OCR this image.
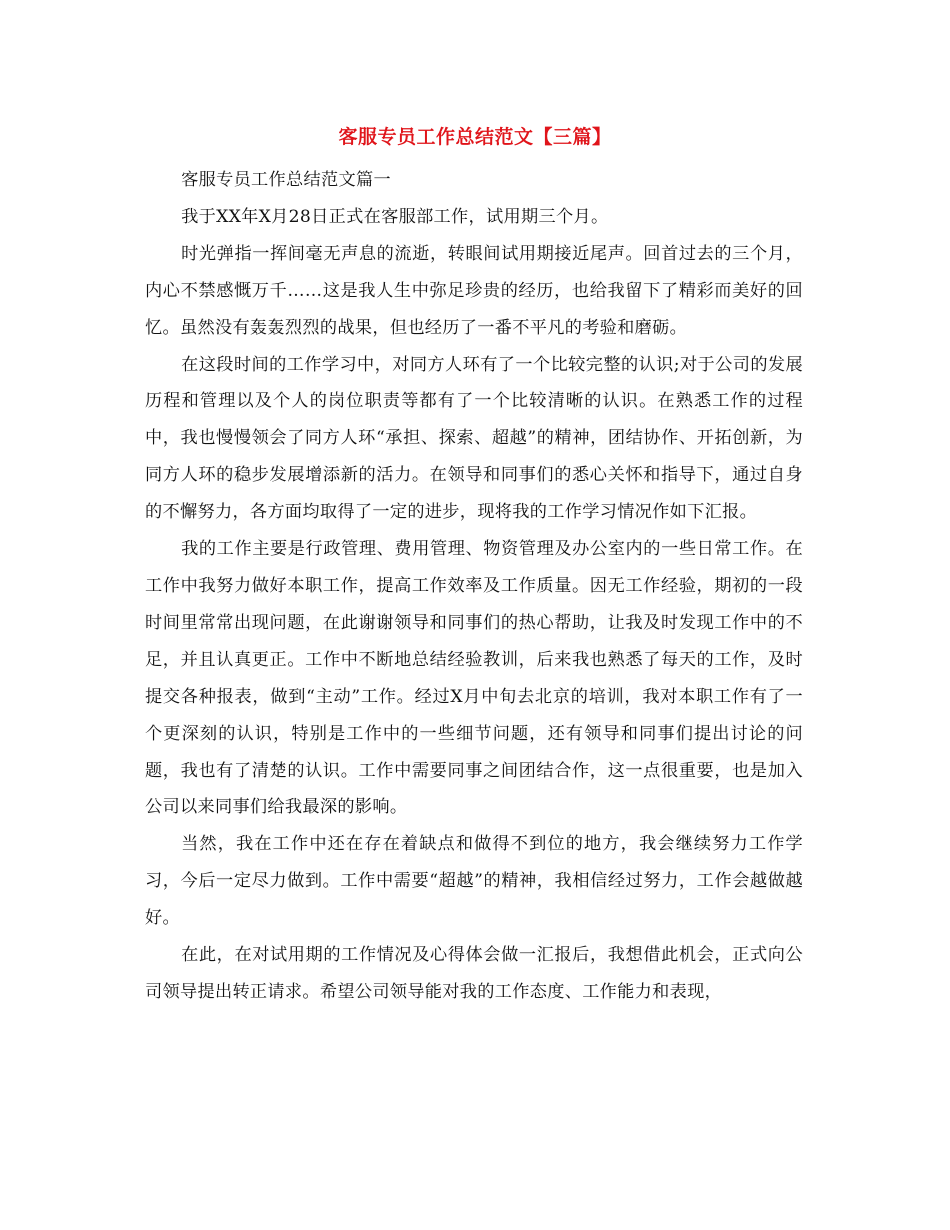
客服专员工作总结范文【三篇】

客服专员工作总结范文篇一

我于XX年X月28日正式在客服部工作，试用期三个月。

时光弹指一挥间毫无声息的流逝，转眼间试用期接近尾声。回首过去的三个月，内心不禁感慨万千……这是我人生中弥足珍贵的经历，也给我留下了精彩而美好的回忆。虽然没有轰轰烈烈的战果，但也经历了一番不平凡的考验和磨砺。

在这段时间的工作学习中，对同方人环有了一个比较完整的认识;对于公司的发展历程和管理以及个人的岗位职责等都有了一个比较清晰的认识。在熟悉工作的过程中，我也慢慢领会了同方人环“承担、探索、超越”的精神，团结协作、开拓创新，为同方人环的稳步发展增添新的活力。在领导和同事们的悉心关怀和指导下，通过自身的不懈努力，各方面均取得了一定的进步，现将我的工作学习情况作如下汇报。

我的工作主要是行政管理、费用管理、物资管理及办公室内的一些日常工作。在工作中我努力做好本职工作，提高工作效率及工作质量。因无工作经验，期初的一段时间里常常出现问题，在此谢谢领导和同事们的热心帮助，让我及时发现工作中的不足，并且认真更正。工作中不断地总结经验教训，后来我也熟悉了每天的工作，及时提交各种报表，做到“主动”工作。经过X月中旬去北京的培训，我对本职工作有了一个更深刻的认识，特别是工作中的一些细节问题，还有领导和同事们提出讨论的问题，我也有了清楚的认识。工作中需要同事之间团结合作，这一点很重要，也是加入公司以来同事们给我最深的影响。

当然，我在工作中还在存在着缺点和做得不到位的地方，我会继续努力工作学习，今后一定尽力做到。工作中需要“超越”的精神，我相信经过努力，工作会越做越好。

在此，在对试用期的工作情况及心得体会做一汇报后，我想借此机会，正式向公司领导提出转正请求。希望公司领导能对我的工作态度、工作能力和表现，
